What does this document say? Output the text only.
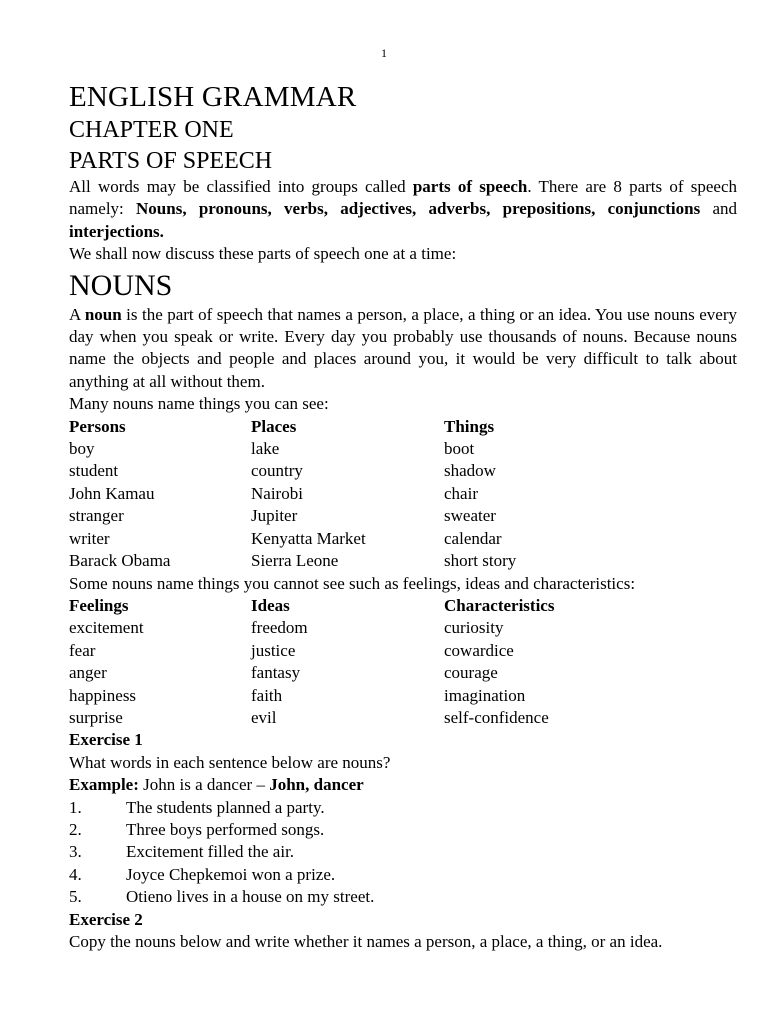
1
ENGLISH GRAMMAR
CHAPTER ONE
PARTS OF SPEECH

All words may be classified into groups called parts of speech. There are 8 parts of speech namely: Nouns, pronouns, verbs, adjectives, adverbs, prepositions, conjunctions and interjections.

We shall now discuss these parts of speech one at a time:

NOUNS

A noun is the part of speech that names a person, a place, a thing or an idea. You use nouns every day when you speak or write. Every day you probably use thousands of nouns. Because nouns name the objects and people and places around you, it would be very difficult to talk about anything at all without them.

Many nouns name things you can see:

Persons	Places	Things
boy	lake	boot
student	country	shadow
John Kamau	Nairobi	chair
stranger	Jupiter	sweater
writer	Kenyatta Market	calendar
Barack Obama	Sierra Leone	short story

Some nouns name things you cannot see such as feelings, ideas and characteristics:

Feelings	Ideas	Characteristics
excitement	freedom	curiosity
fear	justice	cowardice
anger	fantasy	courage
happiness	faith	imagination
surprise	evil	self-confidence
Exercise 1

What words in each sentence below are nouns?

Example: John is a dancer – John, dancer

1.	The students planned a party.
2.	Three boys performed songs.
3.	Excitement filled the air.
4.	Joyce Chepkemoi won a prize.
5.	Otieno lives in a house on my street.
Exercise 2

Copy the nouns below and write whether it names a person, a place, a thing, or an idea.
